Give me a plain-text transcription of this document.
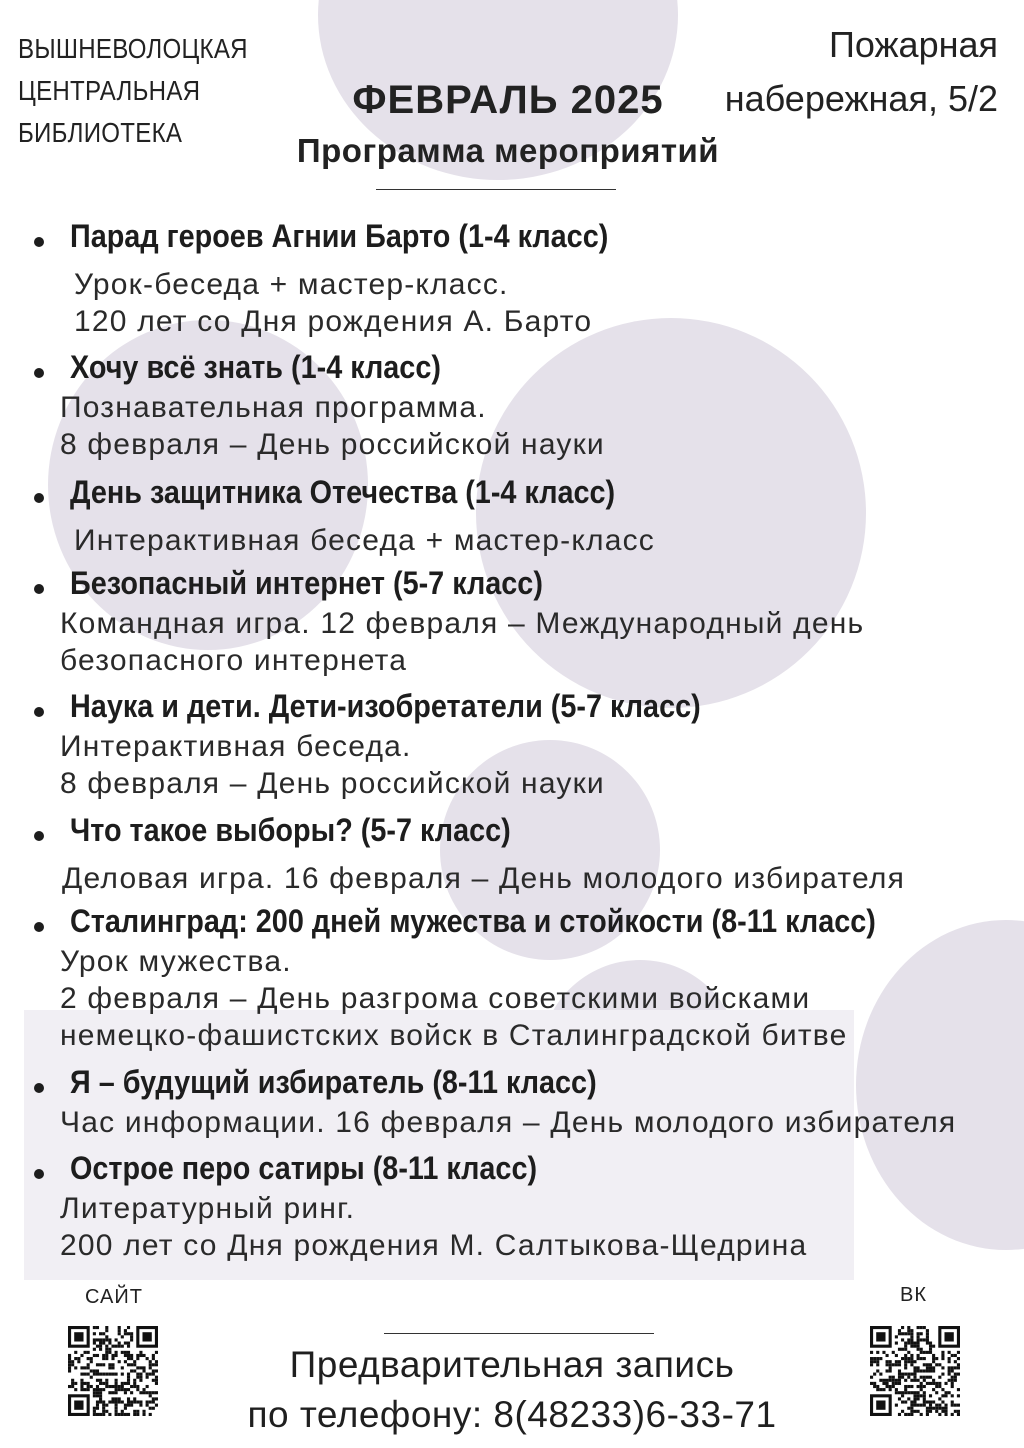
ВЫШНЕВОЛОЦКАЯ
ЦЕНТРАЛЬНАЯ
БИБЛИОТЕКА
Пожарная
набережная, 5/2
ФЕВРАЛЬ 2025
Программа мероприятий
Парад героев Агнии Барто (1-4 класс)
Урок-беседа + мастер-класс.
120 лет со Дня рождения А. Барто
Хочу всё знать (1-4 класс)
Познавательная программа.
8 февраля – День российской науки
День защитника Отечества (1-4 класс)
Интерактивная беседа + мастер-класс
Безопасный интернет (5-7 класс)
Командная игра. 12 февраля – Международный день
безопасного интернета
Наука и дети. Дети-изобретатели (5-7 класс)
Интерактивная беседа.
8 февраля – День российской науки
Что такое выборы? (5-7 класс)
Деловая игра. 16 февраля – День молодого избирателя
Сталинград: 200 дней мужества и стойкости (8-11 класс)
Урок мужества.
2 февраля – День разгрома советскими войсками
немецко-фашистских войск в Сталинградской битве
Я – будущий избиратель (8-11 класс)
Час информации. 16 февраля – День молодого избирателя
Острое перо сатиры (8-11 класс)
Литературный ринг.
200 лет со Дня рождения М. Салтыкова-Щедрина
САЙТ	ВК
Предварительная запись
по телефону: 8(48233)6-33-71
